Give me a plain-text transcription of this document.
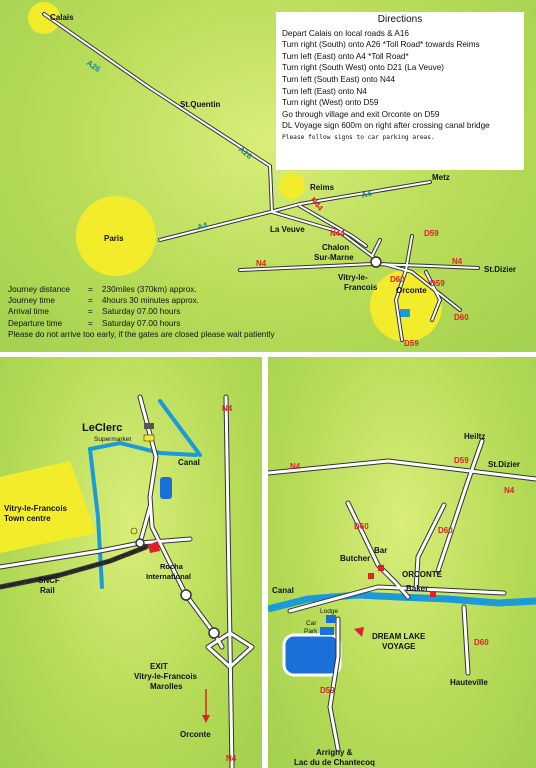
Calais
St.Quentin
Paris
Reims
Metz
La Veuve
Chalon
Sur-Marne
Vitry-le-
Francois Orconte
St.Dizier
A26
A26
A4
A4
N44
N44
N4	N4
D59
D59
D59
D60
D60
Directions
Depart Calais on local roads & A16
Turn right (South) onto A26 *Toll Road* towards Reims
Turn left (East) onto A4 *Toll Road*
Turn right (South West) onto D21 (La Veuve)
Turn left (South East) onto N44
Turn left (East) onto N4
Turn right (West) onto D59
Go through village and exit Orconte on D59
DL Voyage sign 600m on right after crossing canal bridge
Please follow signs to car parking areas.
Journey distance	=	230miles (370km) approx.
Journey time	=	4hours 30 minutes approx.
Arrival time	=	Saturday 07.00 hours
Departure time	=	Saturday 07.00 hours
Please do not arrive too early, if the gates are closed please wait patiently
LeClerc
Supermarket
Canal
Vitry-le-Francois
Town centre
Rocha
International
SNCF
Rail
EXIT
Vitry-le-Francois
Marolles
Orconte
N4
N4
Heiltz
St.Dizier
Butcher
Bar
ORCONTE
Canal	Baker
Lodge
Car
Park
DREAM LAKE
VOYAGE
Hauteville
Arrigny &
Lac du de Chantecoq
N4
N4
D59
D59
D60	D60
D60
